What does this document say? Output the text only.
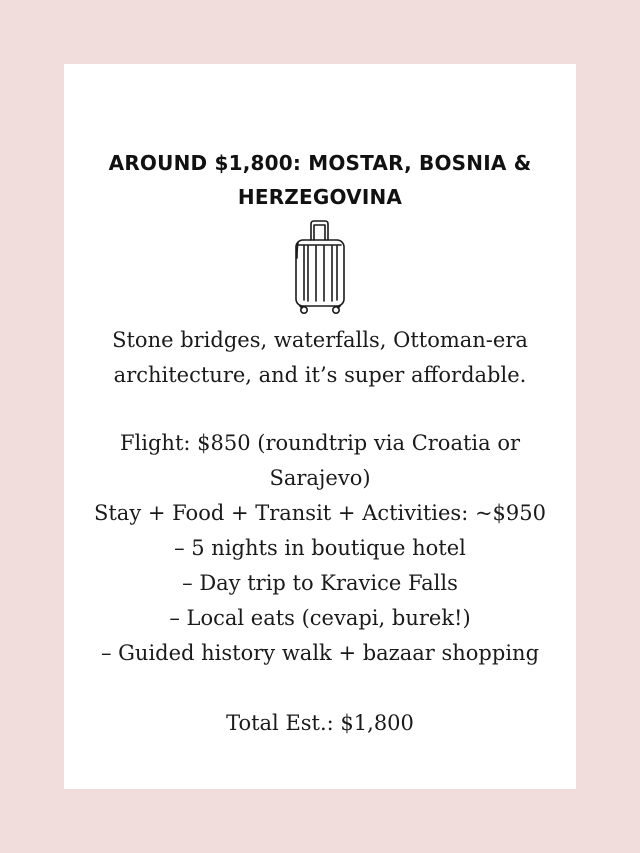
AROUND $1,800: MOSTAR, BOSNIA &
HERZEGOVINA
Stone bridges, waterfalls, Ottoman-era
architecture, and it’s super affordable.
Flight: $850 (roundtrip via Croatia or
Sarajevo)
Stay + Food + Transit + Activities: ~$950
– 5 nights in boutique hotel
– Day trip to Kravice Falls
– Local eats (cevapi, burek!)
– Guided history walk + bazaar shopping
Total Est.: $1,800
